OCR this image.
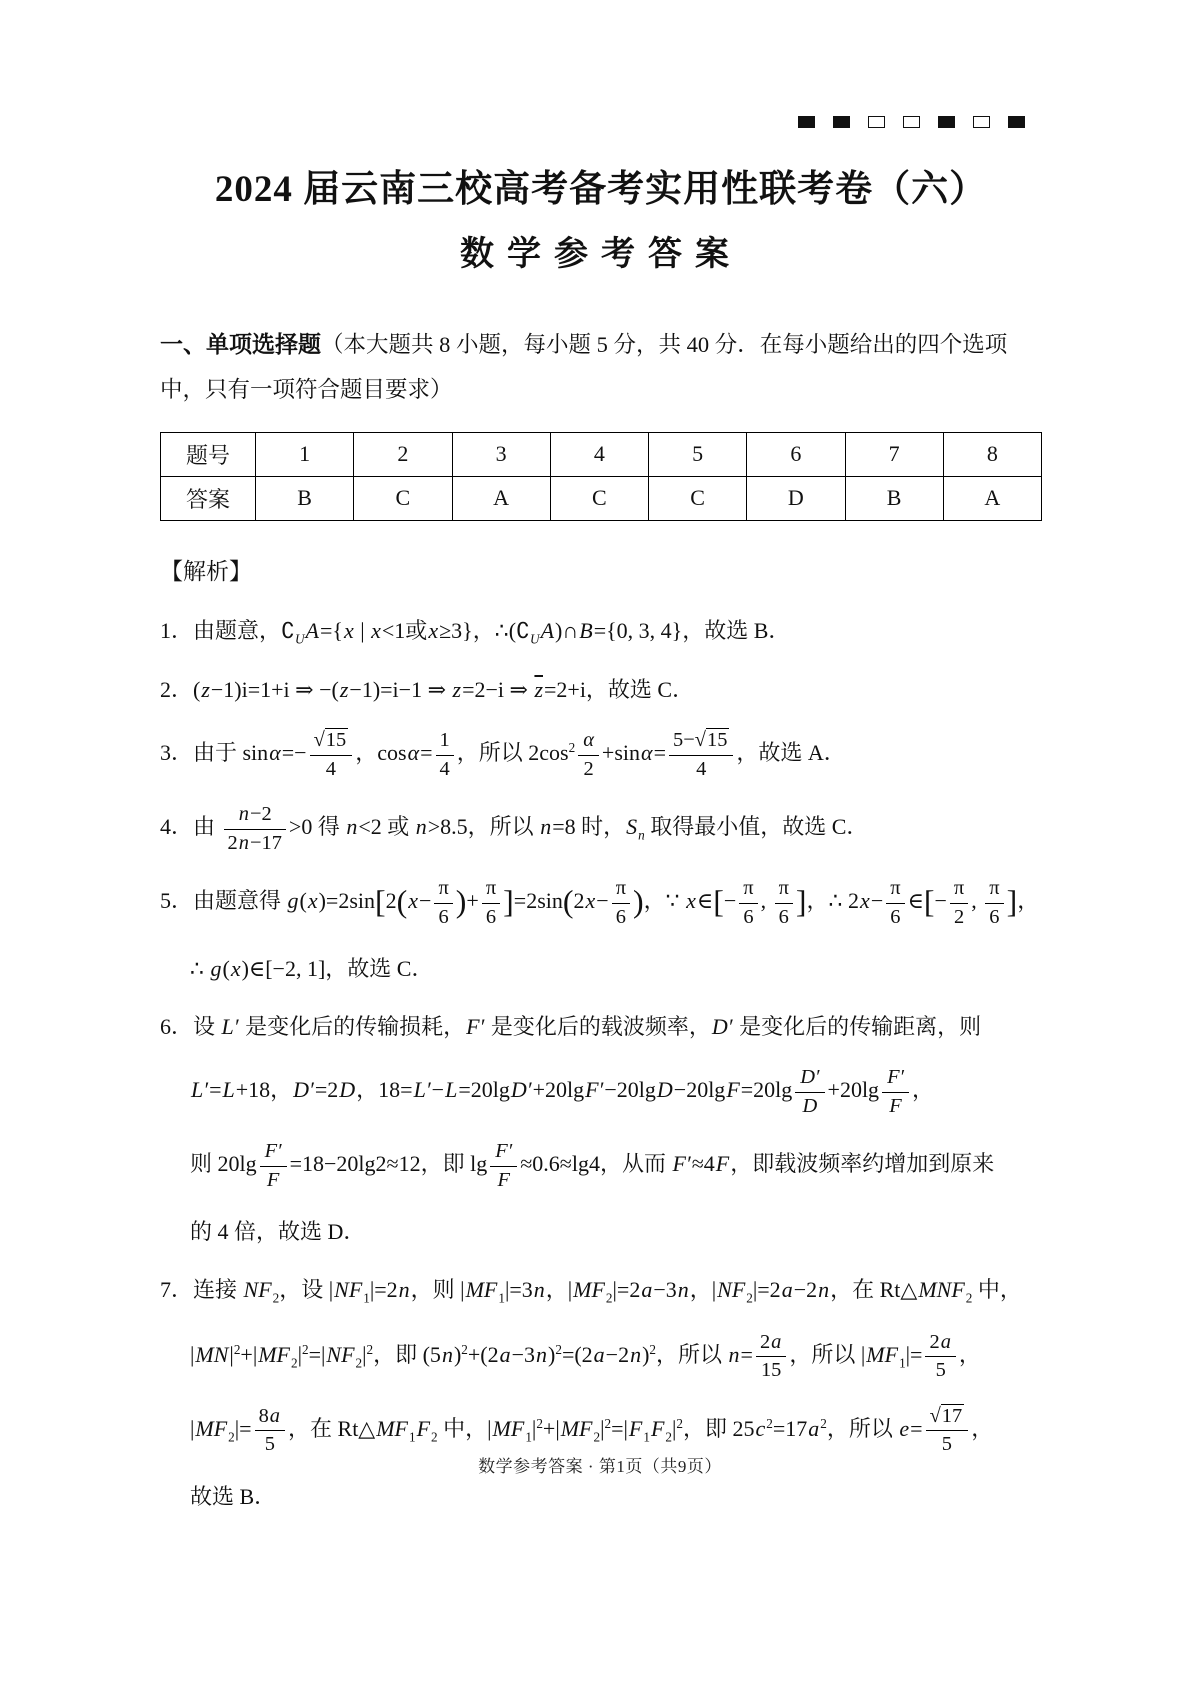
2024 届云南三校高考备考实用性联考卷（六）
数学参考答案

一、单项选择题（本大题共 8 小题，每小题 5 分，共 40 分．在每小题给出的四个选项中，只有一项符合题目要求）

题号	1	2	3	4	5	6	7	8
答案	B	C	A	C	C	D	B	A

【解析】

1．由题意，$∁_UA=\{x$ | x<1或x≥3}，$\therefore(∁_UA)\cap B=\{0$, 3, 4}，故选 B．
2．(z−1)i=1+i ⇒ −(z−1)=i−1 ⇒ z=2−i ⇒ $\overline{z}=2+i$，故选 C．
3．由于 $\sin\alpha=- \frac{√15}{4}$ ，$\cos\alpha= \frac{1}{4}$ ，所以 $2\cos^2 \frac{\alpha}{2} +\sin\alpha= \frac{5-√15}{4}$ ，故选 A．
4．由 $\frac{n-2}{2n-17} >0$ 得 n<2 或 n>8.5，所以 n=8 时，$S_n$ 取得最小值，故选 C．
5．由题意得 $g(x)=2\sin[2(x- \frac{\pi}{6}$ )+ $\frac{\pi}{6} ]=2\sin(2x- \frac{\pi}{6}$ )，∵ x∈[− $\frac{\pi}{6}$ , $\frac{\pi}{6}$ ]，∴ $2x- \frac{\pi}{6}$ ∈[− $\frac{\pi}{2}$ , $\frac{\pi}{6}$ ]，
∴ g(x)∈[−2, 1]，故选 C．
6．设 L′ 是变化后的传输损耗，F′ 是变化后的载波频率，D′ 是变化后的传输距离，则
L′=L+18，D′=2D，$18=L'-L=20\lg D'+20\lg F'-20\lg D-20\lg F=20\lg \frac{D'}{D} +20\lg \frac{F'}{F}$ ，
则 $20\lg \frac{F'}{F} =18-20\lg 2\approx 12$，即 $\lg \frac{F'}{F} \approx 0.6\approx\lg 4$，从而 F′≈4F，即载波频率约增加到原来
的 4 倍，故选 D．
7．连接 $NF_2$，设 $|NF_1|=2n$，则 $|MF_1|=3n$，$|MF_2|=2a-3n$，$|NF_2|=2a-2n$，在 $Rt\triangle MNF_2$ 中，
$|MN|^2+|MF_2|^2=|NF_2|^2$，即 $(5n)^2+(2a-3n)^2=(2a-2n)^2$，所以 $n= \frac{2a}{15}$ ，所以 $|MF_1|= \frac{2a}{5}$ ，
$|MF_2|= \frac{8a}{5}$ ，在 $Rt\triangle MF_1F_2$ 中，$|MF_1|^2+|MF_2|^2=|F_1F_2|^2$，即 $25c^2=17a^2$，所以 $e= \frac{√17}{5}$ ，
故选 B．
数学参考答案 · 第1页（共9页）
